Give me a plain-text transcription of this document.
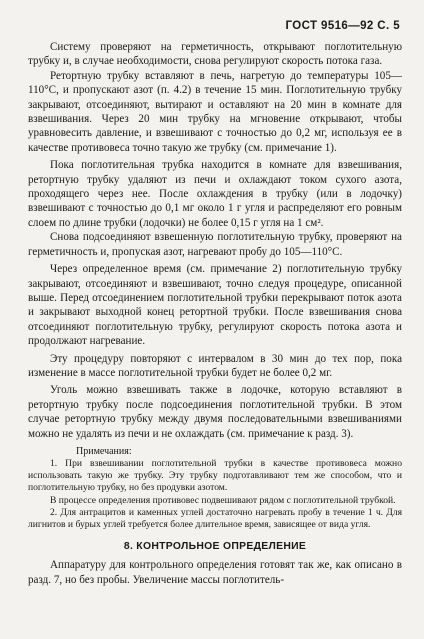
ГОСТ 9516—92 С. 5

Систему проверяют на герметичность, открывают поглотительную трубку и, в случае необходимости, снова регулируют скорость потока газа.

Ретортную трубку вставляют в печь, нагретую до температуры 105—110°С, и пропускают азот (п. 4.2) в течение 15 мин. Поглотительную трубку закрывают, отсоединяют, вытирают и оставляют на 20 мин в комнате для взвешивания. Через 20 мин трубку на мгновение открывают, чтобы уравновесить давление, и взвешивают с точностью до 0,2 мг, используя ее в качестве противовеса точно такую же трубку (см. примечание 1).

Пока поглотительная трубка находится в комнате для взвешивания, ретортную трубку удаляют из печи и охлаждают током сухого азота, проходящего через нее. После охлаждения в трубку (или в лодочку) взвешивают с точностью до 0,1 мг около 1 г угля и распределяют его ровным слоем по длине трубки (лодочки) не более 0,15 г угля на 1 см².

Снова подсоединяют взвешенную поглотительную трубку, проверяют на герметичность и, пропуская азот, нагревают пробу до 105—110°С.

Через определенное время (см. примечание 2) поглотительную трубку закрывают, отсоединяют и взвешивают, точно следуя процедуре, описанной выше. Перед отсоединением поглотительной трубки перекрывают поток азота и закрывают выходной конец ретортной трубки. После взвешивания снова отсоединяют поглотительную трубку, регулируют скорость потока азота и продолжают нагревание.

Эту процедуру повторяют с интервалом в 30 мин до тех пор, пока изменение в массе поглотительной трубки будет не более 0,2 мг.

Уголь можно взвешивать также в лодочке, которую вставляют в ретортную трубку после подсоединения поглотительной трубки. В этом случае ретортную трубку между двумя последовательными взвешиваниями можно не удалять из печи и не охлаждать (см. примечание к разд. 3).

Примечания:

1. При взвешивании поглотительной трубки в качестве противовеса можно использовать такую же трубку. Эту трубку подготавливают тем же способом, что и поглотительную трубку, но без продувки азотом.

В процессе определения противовес подвешивают рядом с поглотительной трубкой.

2. Для антрацитов и каменных углей достаточно нагревать пробу в течение 1 ч. Для лигнитов и бурых углей требуется более длительное время, зависящее от вида угля.

8. КОНТРОЛЬНОЕ ОПРЕДЕЛЕНИЕ

Аппаратуру для контрольного определения готовят так же, как описано в разд. 7, но без пробы. Увеличение массы поглотитель-
